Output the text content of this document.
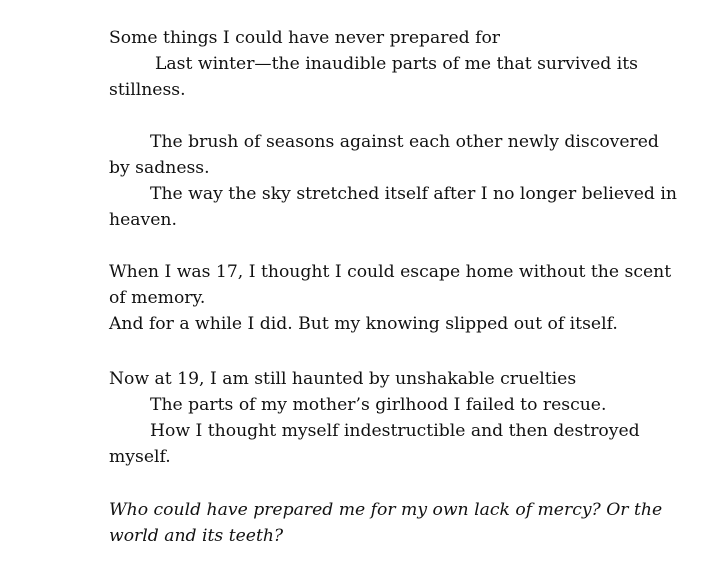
Some things I could have never prepared for

Last winter—the inaudible parts of me that survived its

stillness.

The brush of seasons against each other newly discovered

by sadness.

The way the sky stretched itself after I no longer believed in

heaven.

When I was 17, I thought I could escape home without the scent

of memory.

And for a while I did. But my knowing slipped out of itself.

Now at 19, I am still haunted by unshakable cruelties

The parts of my mother’s girlhood I failed to rescue.

How I thought myself indestructible and then destroyed

myself.

Who could have prepared me for my own lack of mercy? Or the

world and its teeth?
